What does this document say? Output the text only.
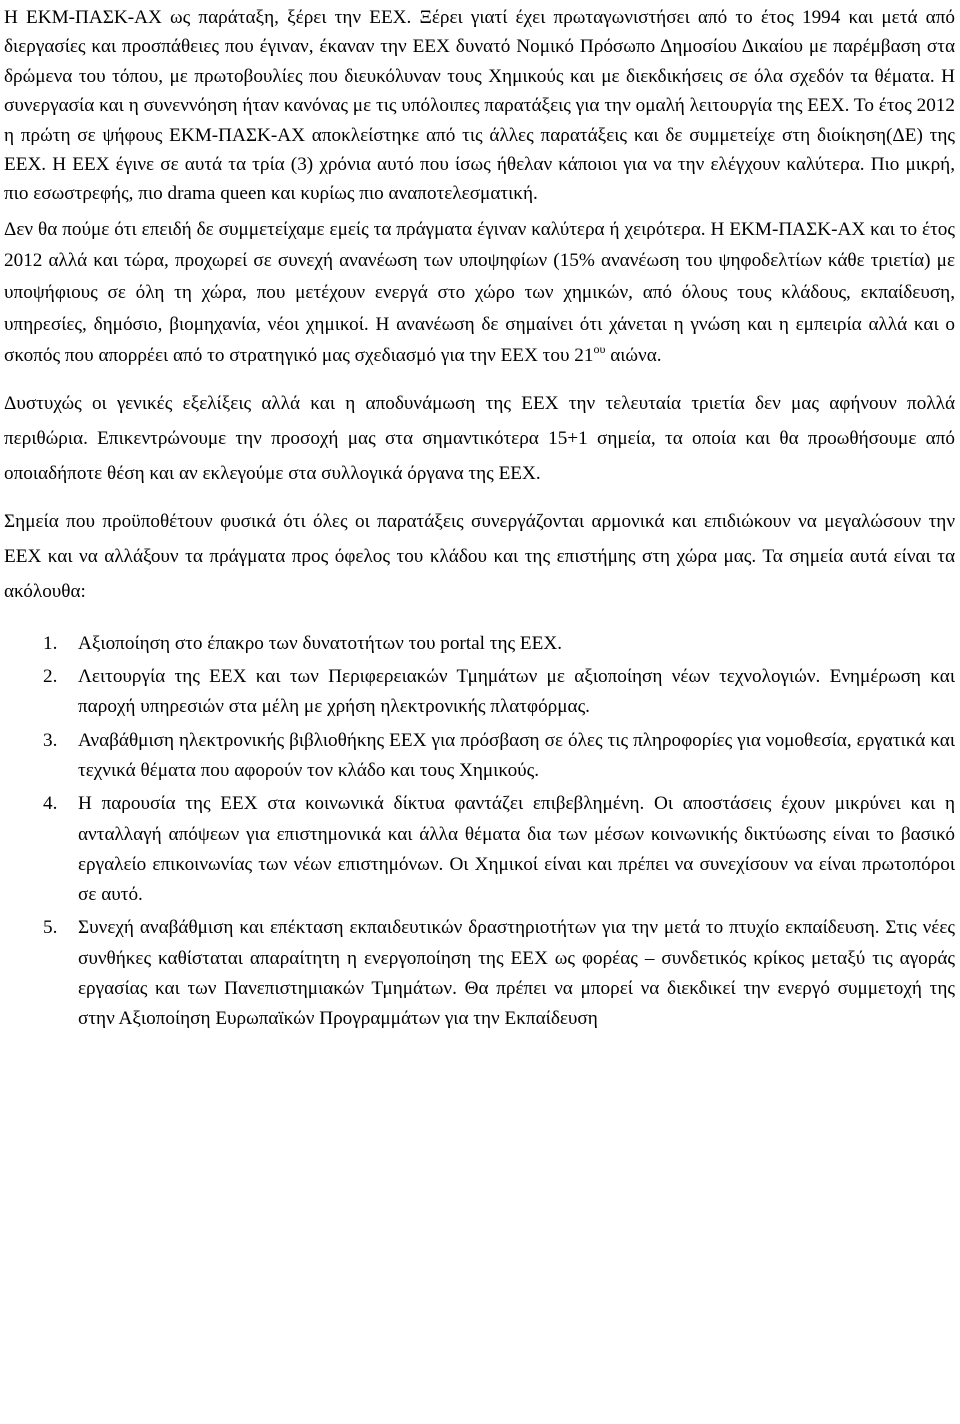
Η ΕΚΜ-ΠΑΣΚ-ΑΧ ως παράταξη, ξέρει την ΕΕΧ. Ξέρει γιατί έχει πρωταγωνιστήσει από το έτος 1994 και μετά από διεργασίες και προσπάθειες που έγιναν, έκαναν την ΕΕΧ δυνατό Νομικό Πρόσωπο Δημοσίου Δικαίου με παρέμβαση στα δρώμενα του τόπου, με πρωτοβουλίες που διευκόλυναν τους Χημικούς και με διεκδικήσεις σε όλα σχεδόν τα θέματα. Η συνεργασία και η συνεννόηση ήταν κανόνας με τις υπόλοιπες παρατάξεις για την ομαλή λειτουργία της ΕΕΧ. Το έτος 2012 η πρώτη σε ψήφους ΕΚΜ-ΠΑΣΚ-ΑΧ αποκλείστηκε από τις άλλες παρατάξεις και δε συμμετείχε στη διοίκηση(ΔΕ) της ΕΕΧ. Η ΕΕΧ έγινε σε αυτά τα τρία (3) χρόνια αυτό που ίσως ήθελαν κάποιοι για να την ελέγχουν καλύτερα. Πιο μικρή, πιο εσωστρεφής, πιο drama queen και κυρίως πιο αναποτελεσματική.

Δεν θα πούμε ότι επειδή δε συμμετείχαμε εμείς τα πράγματα έγιναν καλύτερα ή χειρότερα. Η ΕΚΜ-ΠΑΣΚ-ΑΧ και το έτος 2012 αλλά και τώρα, προχωρεί σε συνεχή ανανέωση των υποψηφίων (15% ανανέωση του ψηφοδελτίων κάθε τριετία) με υποψήφιους σε όλη τη χώρα, που μετέχουν ενεργά στο χώρο των χημικών, από όλους τους κλάδους, εκπαίδευση, υπηρεσίες, δημόσιο, βιομηχανία, νέοι χημικοί. Η ανανέωση δε σημαίνει ότι χάνεται η γνώση και η εμπειρία αλλά και ο σκοπός που απορρέει από το στρατηγικό μας σχεδιασμό για την ΕΕΧ του $21^{o\upsilon}$ αιώνα.

Δυστυχώς οι γενικές εξελίξεις αλλά και η αποδυνάμωση της ΕΕΧ την τελευταία τριετία δεν μας αφήνουν πολλά περιθώρια. Επικεντρώνουμε την προσοχή μας στα σημαντικότερα 15+1 σημεία, τα οποία και θα προωθήσουμε από οποιαδήποτε θέση και αν εκλεγούμε στα συλλογικά όργανα της ΕΕΧ.

Σημεία που προϋποθέτουν φυσικά ότι όλες οι παρατάξεις συνεργάζονται αρμονικά και επιδιώκουν να μεγαλώσουν την ΕΕΧ και να αλλάξουν τα πράγματα προς όφελος του κλάδου και της επιστήμης στη χώρα μας. Τα σημεία αυτά είναι τα ακόλουθα:

1.	Αξιοποίηση στο έπακρο των δυνατοτήτων του portal της ΕΕΧ.
2.	Λειτουργία της ΕΕΧ και των Περιφερειακών Τμημάτων με αξιοποίηση νέων τεχνολογιών. Ενημέρωση και παροχή υπηρεσιών στα μέλη με χρήση ηλεκτρονικής πλατφόρμας.
3.	Αναβάθμιση ηλεκτρονικής βιβλιοθήκης ΕΕΧ για πρόσβαση σε όλες τις πληροφορίες για νομοθεσία, εργατικά και τεχνικά θέματα που αφορούν τον κλάδο και τους Χημικούς.
4.	Η παρουσία της ΕΕΧ στα κοινωνικά δίκτυα φαντάζει επιβεβλημένη. Οι αποστάσεις έχουν μικρύνει και η ανταλλαγή απόψεων για επιστημονικά και άλλα θέματα δια των μέσων κοινωνικής δικτύωσης είναι το βασικό εργαλείο επικοινωνίας των νέων επιστημόνων. Οι Χημικοί είναι και πρέπει να συνεχίσουν να είναι πρωτοπόροι σε αυτό.
5.	Συνεχή αναβάθμιση και επέκταση εκπαιδευτικών δραστηριοτήτων για την μετά το πτυχίο εκπαίδευση. Στις νέες συνθήκες καθίσταται απαραίτητη η ενεργοποίηση της ΕΕΧ ως φορέας – συνδετικός κρίκος μεταξύ τις αγοράς εργασίας και των Πανεπιστημιακών Τμημάτων. Θα πρέπει να μπορεί να διεκδικεί την ενεργό συμμετοχή της στην Αξιοποίηση Ευρωπαϊκών Προγραμμάτων για την Εκπαίδευση
